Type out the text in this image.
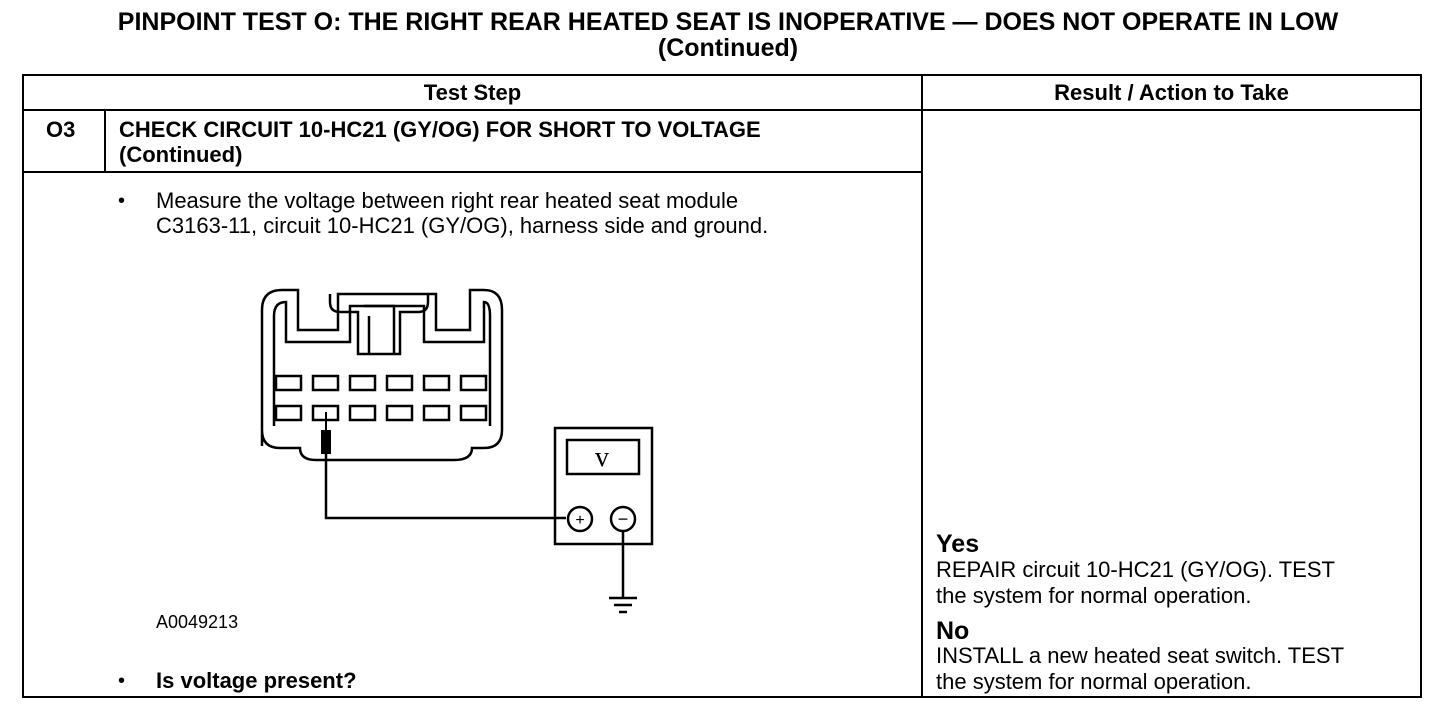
PINPOINT TEST O: THE RIGHT REAR HEATED SEAT IS INOPERATIVE — DOES NOT OPERATE IN LOW
(Continued)
Test Step	Result / Action to Take
O3 CHECK CIRCUIT 10-HC21 (GY/OG) FOR SHORT TO VOLTAGE
(Continued)
• Measure the voltage between right rear heated seat module
C3163-11, circuit 10-HC21 (GY/OG), harness side and ground.
v
+ −
A0049213
• Is voltage present?
Yes
REPAIR circuit 10-HC21 (GY/OG). TEST
the system for normal operation.
No
INSTALL a new heated seat switch. TEST
the system for normal operation.
